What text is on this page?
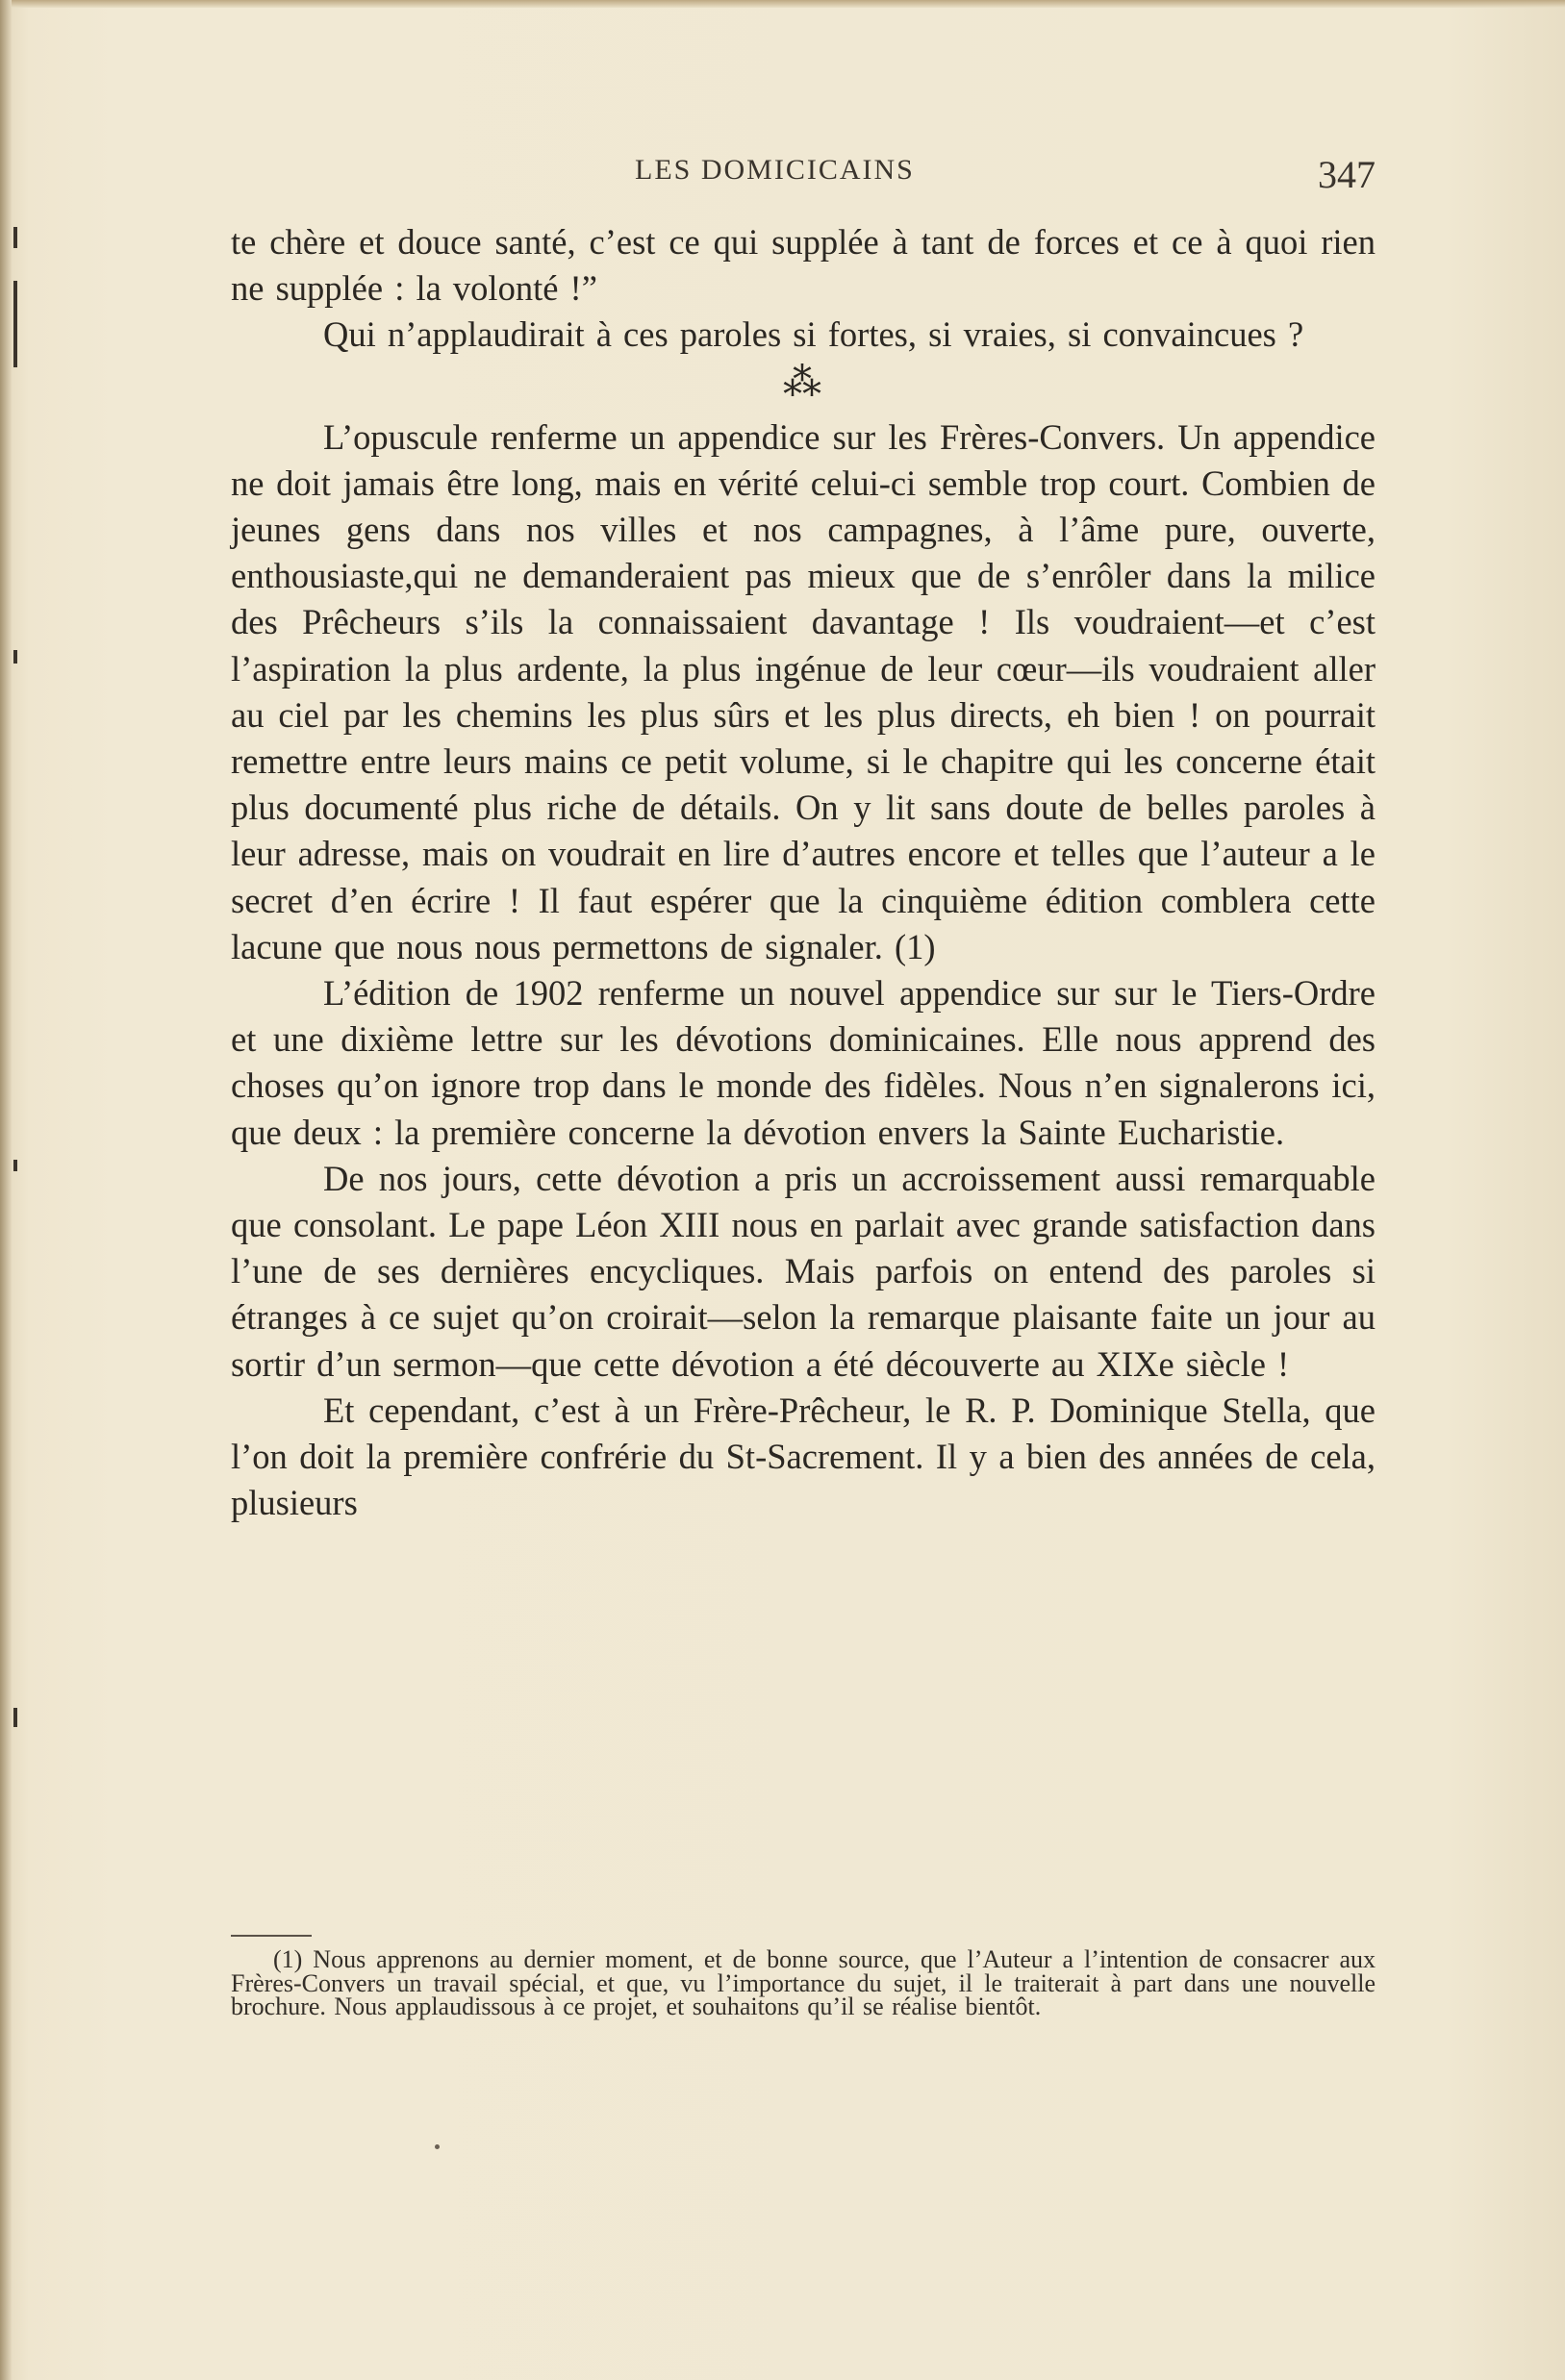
LES DOMICICAINS	347

te chère et douce santé, c’est ce qui supplée à tant de forces et ce à quoi rien ne supplée : la volonté !”

Qui n’applaudirait à ces paroles si fortes, si vraies, si convaincues ?

⁂

L’opuscule renferme un appendice sur les Frères-Convers. Un appendice ne doit jamais être long, mais en vérité celui-ci semble trop court. Combien de jeunes gens dans nos villes et nos campagnes, à l’âme pure, ouverte, enthousiaste,qui ne demanderaient pas mieux que de s’enrôler dans la milice des Prêcheurs s’ils la connaissaient davantage ! Ils voudraient—et c’est l’aspiration la plus ardente, la plus ingénue de leur cœur—ils voudraient aller au ciel par les chemins les plus sûrs et les plus directs, eh bien ! on pourrait remettre entre leurs mains ce petit volume, si le chapitre qui les concerne était plus documenté plus riche de détails. On y lit sans doute de belles paroles à leur adresse, mais on voudrait en lire d’autres encore et telles que l’auteur a le secret d’en écrire ! Il faut espérer que la cinquième édition comblera cette lacune que nous nous permettons de signaler. (1)

L’édition de 1902 renferme un nouvel appendice sur sur le Tiers-Ordre et une dixième lettre sur les dévotions dominicaines. Elle nous apprend des choses qu’on ignore trop dans le monde des fidèles. Nous n’en signalerons ici, que deux : la première concerne la dévotion envers la Sainte Eucharistie.

De nos jours, cette dévotion a pris un accroissement aussi remarquable que consolant. Le pape Léon XIII nous en parlait avec grande satisfaction dans l’une de ses dernières encycliques. Mais parfois on entend des paroles si étranges à ce sujet qu’on croirait—selon la remarque plaisante faite un jour au sortir d’un sermon—que cette dévotion a été découverte au XIXe siècle !

Et cependant, c’est à un Frère-Prêcheur, le R. P. Dominique Stella, que l’on doit la première confrérie du St-Sacrement. Il y a bien des années de cela, plusieurs

(1) Nous apprenons au dernier moment, et de bonne source, que l’Auteur a l’intention de consacrer aux Frères-Convers un travail spécial, et que, vu l’importance du sujet, il le traiterait à part dans une nouvelle brochure. Nous applaudissous à ce projet, et souhaitons qu’il se réalise bientôt.
